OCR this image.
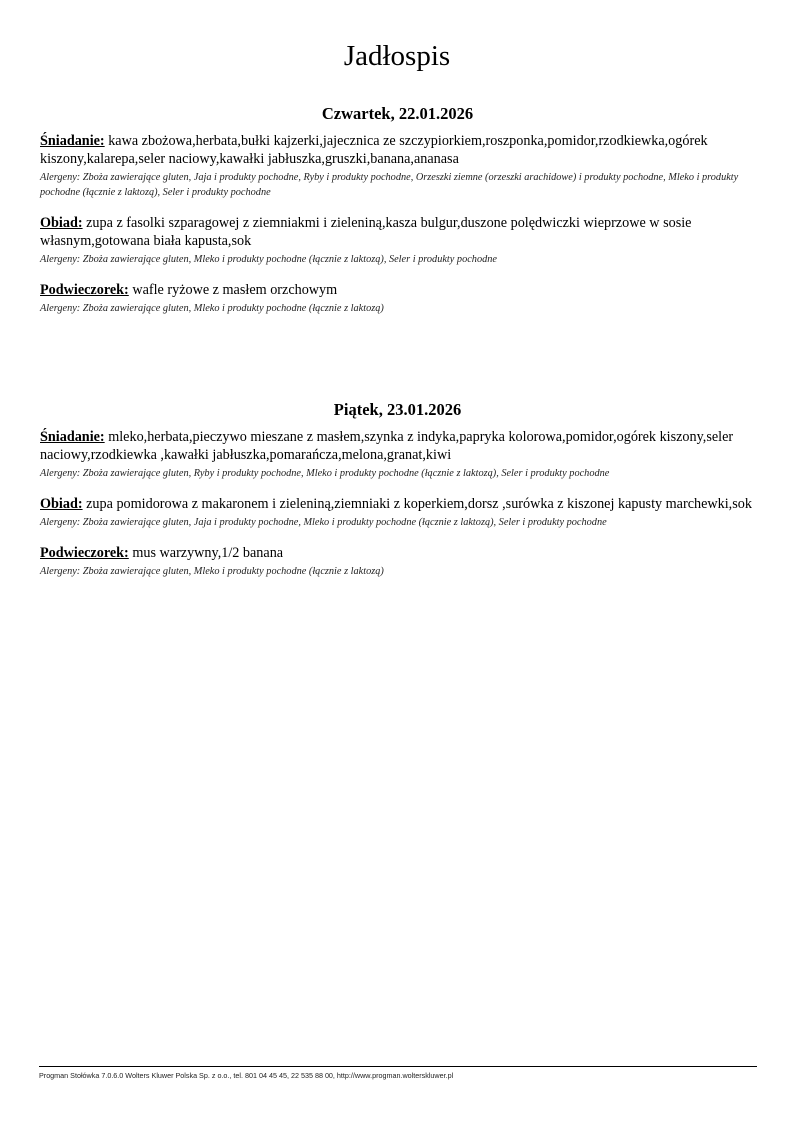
Jadłospis
Czwartek, 22.01.2026
Śniadanie: kawa zbożowa,herbata,bułki kajzerki,jajecznica ze szczypiorkiem,roszponka,pomidor,rzodkiewka,ogórek kiszony,kalarepa,seler naciowy,kawałki jabłuszka,gruszki,banana,ananasa
Alergeny: Zboża zawierające gluten, Jaja i produkty pochodne, Ryby i produkty pochodne, Orzeszki ziemne (orzeszki arachidowe) i produkty pochodne, Mleko i produkty pochodne (łącznie z laktozą), Seler i produkty pochodne
Obiad: zupa z fasolki szparagowej z ziemniakmi i zieleniną,kasza bulgur,duszone polędwiczki wieprzowe w sosie własnym,gotowana biała kapusta,sok
Alergeny: Zboża zawierające gluten, Mleko i produkty pochodne (łącznie z laktozą), Seler i produkty pochodne
Podwieczorek: wafle ryżowe z masłem orzchowym
Alergeny: Zboża zawierające gluten, Mleko i produkty pochodne (łącznie z laktozą)
Piątek, 23.01.2026
Śniadanie: mleko,herbata,pieczywo mieszane z masłem,szynka z indyka,papryka kolorowa,pomidor,ogórek kiszony,seler naciowy,rzodkiewka ,kawałki jabłuszka,pomarańcza,melona,granat,kiwi
Alergeny: Zboża zawierające gluten, Ryby i produkty pochodne, Mleko i produkty pochodne (łącznie z laktozą), Seler i produkty pochodne
Obiad: zupa pomidorowa z makaronem i zieleniną,ziemniaki z koperkiem,dorsz ,surówka z kiszonej kapusty marchewki,sok
Alergeny: Zboża zawierające gluten, Jaja i produkty pochodne, Mleko i produkty pochodne (łącznie z laktozą), Seler i produkty pochodne
Podwieczorek: mus warzywny,1/2 banana
Alergeny: Zboża zawierające gluten, Mleko i produkty pochodne (łącznie z laktozą)
Progman Stołówka 7.0.6.0 Wolters Kluwer Polska Sp. z o.o., tel. 801 04 45 45, 22 535 88 00, http://www.progman.wolterskluwer.pl
